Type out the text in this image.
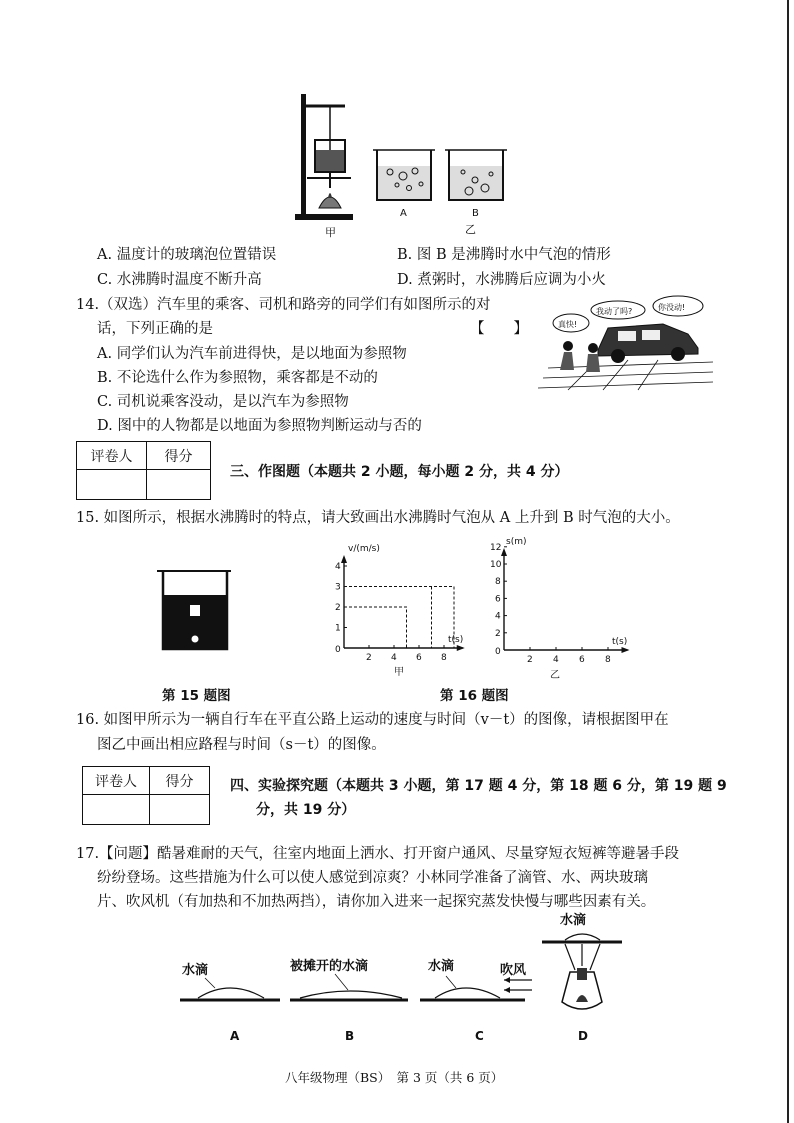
甲
A	B
乙
A. 温度计的玻璃泡位置错误	B. 图 B 是沸腾时水中气泡的情形
C. 水沸腾时温度不断升高	D. 煮粥时，水沸腾后应调为小火
14.（双选）汽车里的乘客、司机和路旁的同学们有如图所示的对
话，下列正确的是	【　　】
A. 同学们认为汽车前进得快，是以地面为参照物
B. 不论选什么作为参照物，乘客都是不动的
C. 司机说乘客没动，是以汽车为参照物
D. 图中的人物都是以地面为参照物判断运动与否的
真快!
我动了吗?	你没动!
评卷人	得分

三、作图题（本题共 2 小题，每小题 2 分，共 4 分）
15. 如图所示，根据水沸腾时的特点，请大致画出水沸腾时气泡从 A 上升到 B 时气泡的大小。
v/(m/s)
t(s)
0
2 4 6 8
1
2
3
4
甲
s(m)
t(s)
0
2 4 6 8
2
4
6
8
10
12
乙
第 15 题图	第 16 题图
16. 如图甲所示为一辆自行车在平直公路上运动的速度与时间（v－t）的图像，请根据图甲在
图乙中画出相应路程与时间（s－t）的图像。
评卷人	得分
		四、实验探究题（本题共 3 小题，第 17 题 4 分，第 18 题 6 分，第 19 题 9
分，共 19 分）
17.【问题】酷暑难耐的天气，往室内地面上洒水、打开窗户通风、尽量穿短衣短裤等避暑手段
纷纷登场。这些措施为什么可以使人感觉到凉爽？小林同学准备了滴管、水、两块玻璃
片、吹风机（有加热和不加热两挡），请你加入进来一起探究蒸发快慢与哪些因素有关。
水滴
A
被摊开的水滴
B
水滴	吹风
C
水滴
D
八年级物理（BS）　第 3 页（共 6 页）
